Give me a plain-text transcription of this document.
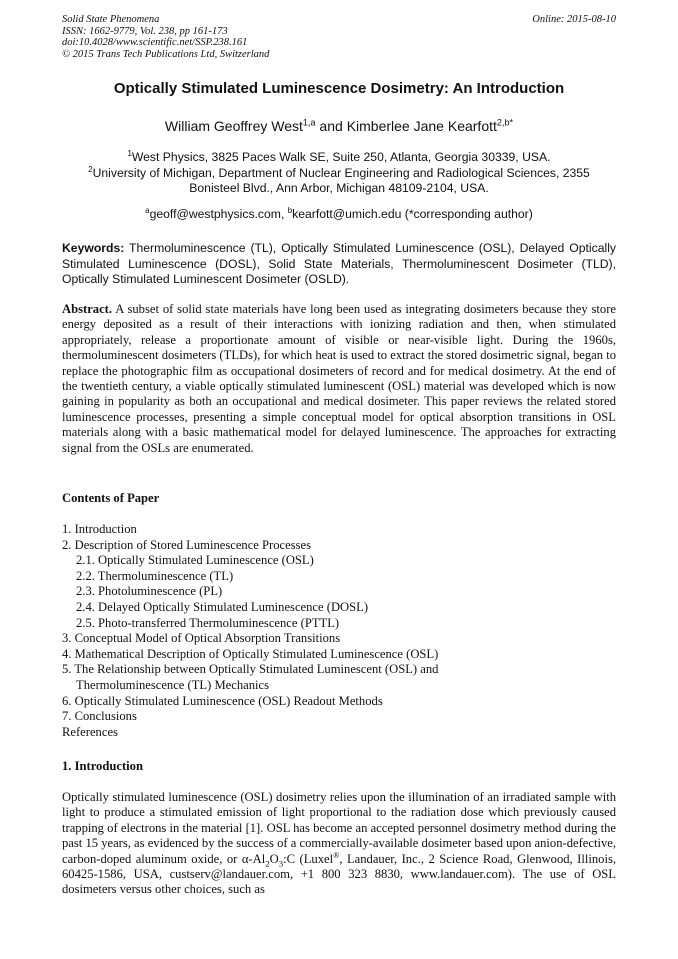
Solid State Phenomena
ISSN: 1662-9779, Vol. 238, pp 161-173
doi:10.4028/www.scientific.net/SSP.238.161
© 2015 Trans Tech Publications Ltd, Switzerland
Online: 2015-08-10
Optically Stimulated Luminescence Dosimetry: An Introduction
William Geoffrey West$^{1,a}$ and Kimberlee Jane Kearfott$^{2,b*}$
$^1$West Physics, 3825 Paces Walk SE, Suite 250, Atlanta, Georgia 30339, USA.
$^2$University of Michigan, Department of Nuclear Engineering and Radiological Sciences, 2355 Bonisteel Blvd., Ann Arbor, Michigan 48109-2104, USA.
$^a$geoff@westphysics.com, $^b$kearfott@umich.edu (*corresponding author)
Keywords: Thermoluminescence (TL), Optically Stimulated Luminescence (OSL), Delayed Optically Stimulated Luminescence (DOSL), Solid State Materials, Thermoluminescent Dosimeter (TLD), Optically Stimulated Luminescent Dosimeter (OSLD).
Abstract. A subset of solid state materials have long been used as integrating dosimeters because they store energy deposited as a result of their interactions with ionizing radiation and then, when stimulated appropriately, release a proportionate amount of visible or near-visible light. During the 1960s, thermoluminescent dosimeters (TLDs), for which heat is used to extract the stored dosimetric signal, began to replace the photographic film as occupational dosimeters of record and for medical dosimetry. At the end of the twentieth century, a viable optically stimulated luminescent (OSL) material was developed which is now gaining in popularity as both an occupational and medical dosimeter. This paper reviews the related stored luminescence processes, presenting a simple conceptual model for optical absorption transitions in OSL materials along with a basic mathematical model for delayed luminescence. The approaches for extracting signal from the OSLs are enumerated.
Contents of Paper
1. Introduction
2. Description of Stored Luminescence Processes
2.1. Optically Stimulated Luminescence (OSL)
2.2. Thermoluminescence (TL)
2.3. Photoluminescence (PL)
2.4. Delayed Optically Stimulated Luminescence (DOSL)
2.5. Photo-transferred Thermoluminescence (PTTL)
3. Conceptual Model of Optical Absorption Transitions
4. Mathematical Description of Optically Stimulated Luminescence (OSL)
5. The Relationship between Optically Stimulated Luminescent (OSL) and
Thermoluminescence (TL) Mechanics
6. Optically Stimulated Luminescence (OSL) Readout Methods
7. Conclusions
References
1. Introduction
Optically stimulated luminescence (OSL) dosimetry relies upon the illumination of an irradiated sample with light to produce a stimulated emission of light proportional to the radiation dose which previously caused trapping of electrons in the material [1]. OSL has become an accepted personnel dosimetry method during the past 15 years, as evidenced by the success of a commercially-available dosimeter based upon anion-defective, carbon-doped aluminum oxide, or $\alpha-Al_2O_3:C$ (Luxel®, Landauer, Inc., 2 Science Road, Glenwood, Illinois, 60425-1586, USA, custserv@landauer.com, +1 800 323 8830, www.landauer.com). The use of OSL dosimeters versus other choices, such as
